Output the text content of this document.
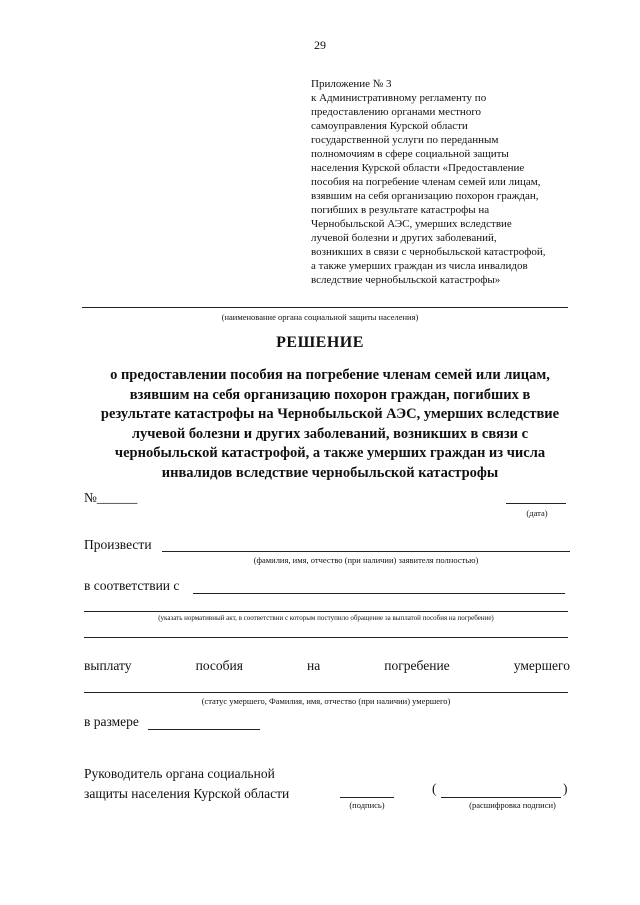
29
Приложение № 3
к Административному регламенту по
предоставлению органами местного
самоуправления Курской области
государственной услуги по переданным
полномочиям в сфере социальной защиты
населения Курской области «Предоставление
пособия на погребение членам семей или лицам,
взявшим на себя организацию похорон граждан,
погибших в результате катастрофы на
Чернобыльской АЭС, умерших вследствие
лучевой болезни и других заболеваний,
возникших в связи с чернобыльской катастрофой,
а также умерших граждан из числа инвалидов
вследствие чернобыльской катастрофы»
(наименование органа социальной защиты населения)
РЕШЕНИЕ
о предоставлении пособия на погребение членам семей или лицам,
взявшим на себя организацию похорон граждан, погибших в
результате катастрофы на Чернобыльской АЭС, умерших вследствие
лучевой болезни и других заболеваний, возникших в связи с
чернобыльской катастрофой, а также умерших граждан из числа
инвалидов вследствие чернобыльской катастрофы
№______
(дата)
Произвести
(фамилия, имя, отчество (при наличии) заявителя полностью)
в соответствии с
(указать нормативный акт, в соответствии с которым поступило обращение за выплатой пособия на погребение)
выплату	пособия	на	погребение	умершего
(статус умершего, Фамилия, имя, отчество (при наличии) умершего)
в размере
Руководитель органа социальной
защиты населения Курской области
(подпись)
(	)
(расшифровка подписи)
